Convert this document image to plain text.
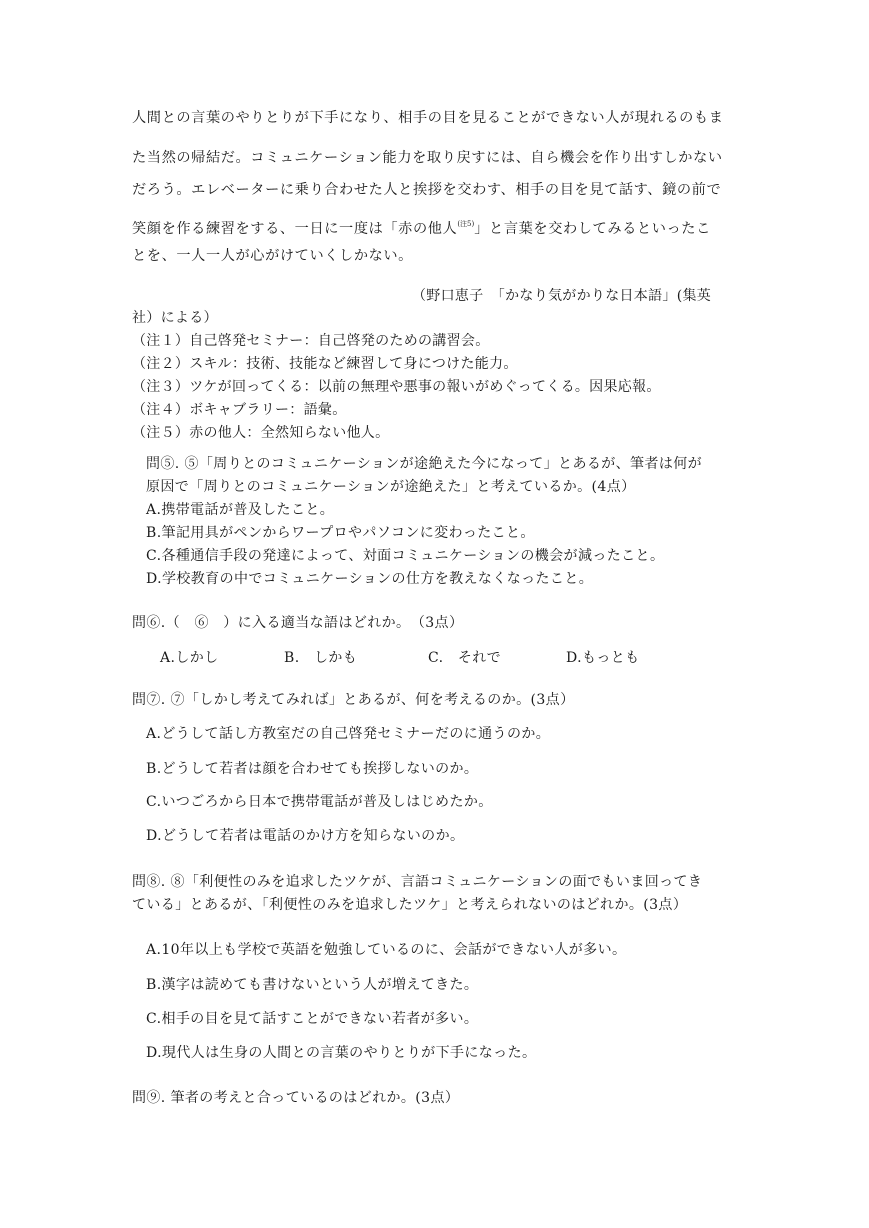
人間との言葉のやりとりが下手になり、相手の目を見ることができない人が現れるのもま
た当然の帰結だ。コミュニケーション能力を取り戻すには、自ら機会を作り出すしかない
だろう。エレベーターに乗り合わせた人と挨拶を交わす、相手の目を見て話す、鏡の前で
笑顔を作る練習をする、一日に一度は「赤の他人$^{(注5)}$」と言葉を交わしてみるといったこ
とを、一人一人が心がけていくしかない。
（野口恵子　「かなり気がかりな日本語」(集英
社）による）
（注１）自己啓発セミナー：自己啓発のための講習会。
（注２）スキル：技術、技能など練習して身につけた能力。
（注３）ツケが回ってくる：以前の無理や悪事の報いがめぐってくる。因果応報。
（注４）ボキャブラリー：語彙。
（注５）赤の他人：全然知らない他人。
問⑤. ⑤「周りとのコミュニケーションが途絶えた今になって」とあるが、筆者は何が
原因で「周りとのコミュニケーションが途絶えた」と考えているか。(4点）
A.携帯電話が普及したこと。
B.筆記用具がペンからワープロやパソコンに変わったこと。
C.各種通信手段の発達によって、対面コミュニケーションの機会が減ったこと。
D.学校教育の中でコミュニケーションの仕方を教えなくなったこと。
問⑥.（　⑥　）に入る適当な語はどれか。　（3点）
A.しかし	B.　しかも	C.　それで	D.もっとも
問⑦. ⑦「しかし考えてみれば」とあるが、何を考えるのか。(3点）
A.どうして話し方教室だの自己啓発セミナーだのに通うのか。
B.どうして若者は顔を合わせても挨拶しないのか。
C.いつごろから日本で携帯電話が普及しはじめたか。
D.どうして若者は電話のかけ方を知らないのか。
問⑧. ⑧「利便性のみを追求したツケが、言語コミュニケーションの面でもいま回ってき
ている」とあるが、「利便性のみを追求したツケ」と考えられないのはどれか。(3点）
A.10年以上も学校で英語を勉強しているのに、会話ができない人が多い。
B.漢字は読めても書けないという人が増えてきた。
C.相手の目を見て話すことができない若者が多い。
D.現代人は生身の人間との言葉のやりとりが下手になった。
問⑨. 筆者の考えと合っているのはどれか。(3点）
